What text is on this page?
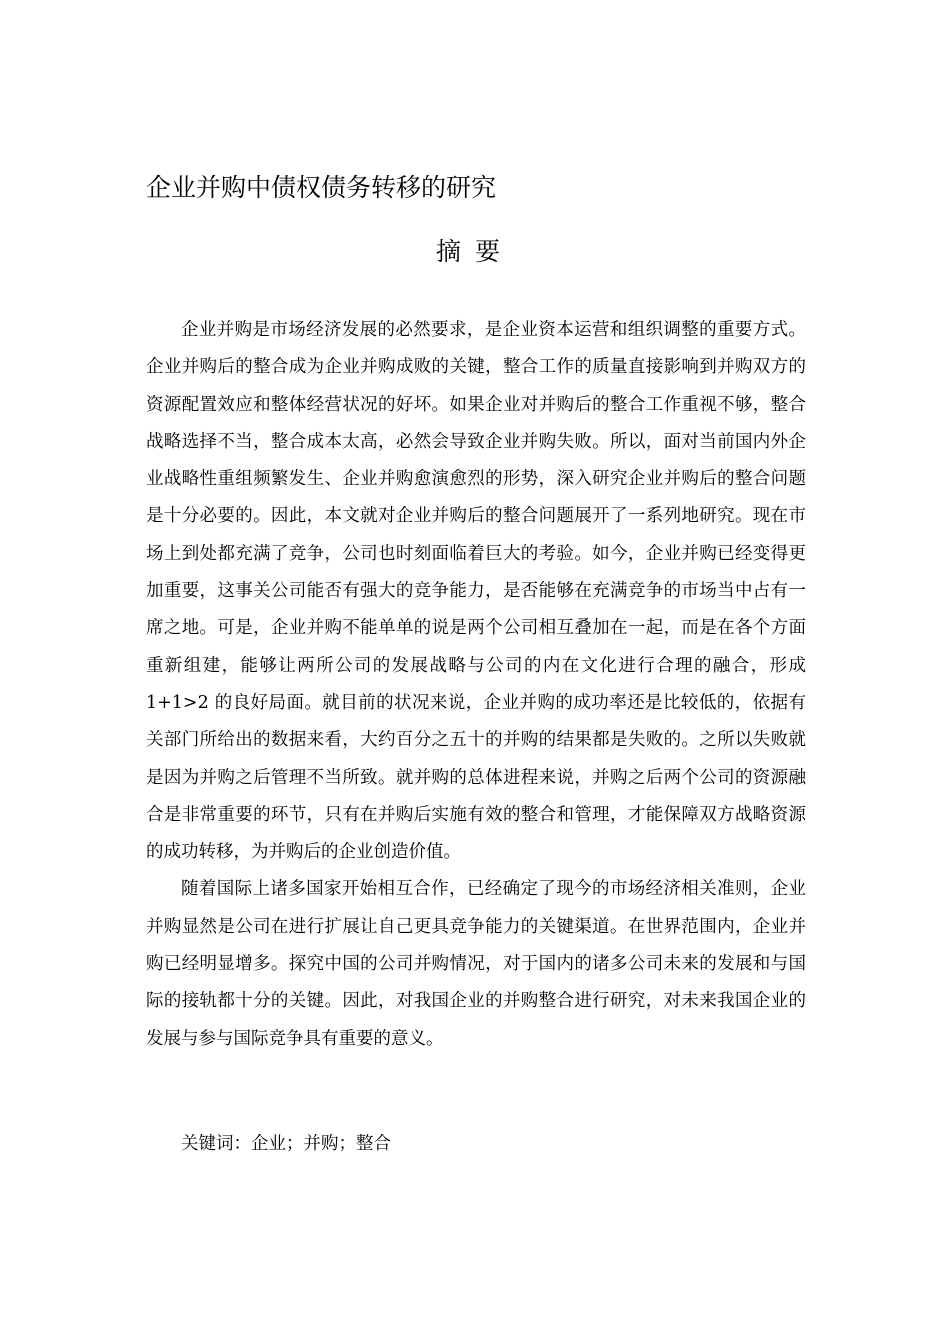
企业并购中债权债务转移的研究
摘要

企业并购是市场经济发展的必然要求，是企业资本运营和组织调整的重要方式。企业并购后的整合成为企业并购成败的关键，整合工作的质量直接影响到并购双方的资源配置效应和整体经营状况的好坏。如果企业对并购后的整合工作重视不够，整合战略选择不当，整合成本太高，必然会导致企业并购失败。所以，面对当前国内外企业战略性重组频繁发生、企业并购愈演愈烈的形势，深入研究企业并购后的整合问题是十分必要的。因此，本文就对企业并购后的整合问题展开了一系列地研究。现在市场上到处都充满了竞争，公司也时刻面临着巨大的考验。如今，企业并购已经变得更加重要，这事关公司能否有强大的竞争能力，是否能够在充满竞争的市场当中占有一席之地。可是，企业并购不能单单的说是两个公司相互叠加在一起，而是在各个方面重新组建，能够让两所公司的发展战略与公司的内在文化进行合理的融合，形成 1+1>2 的良好局面。就目前的状况来说，企业并购的成功率还是比较低的，依据有关部门所给出的数据来看，大约百分之五十的并购的结果都是失败的。之所以失败就是因为并购之后管理不当所致。就并购的总体进程来说，并购之后两个公司的资源融合是非常重要的环节，只有在并购后实施有效的整合和管理，才能保障双方战略资源的成功转移，为并购后的企业创造价值。

随着国际上诸多国家开始相互合作，已经确定了现今的市场经济相关准则，企业并购显然是公司在进行扩展让自己更具竞争能力的关键渠道。在世界范围内，企业并购已经明显增多。探究中国的公司并购情况，对于国内的诸多公司未来的发展和与国际的接轨都十分的关键。因此，对我国企业的并购整合进行研究，对未来我国企业的发展与参与国际竞争具有重要的意义。

关键词：企业；并购；整合
